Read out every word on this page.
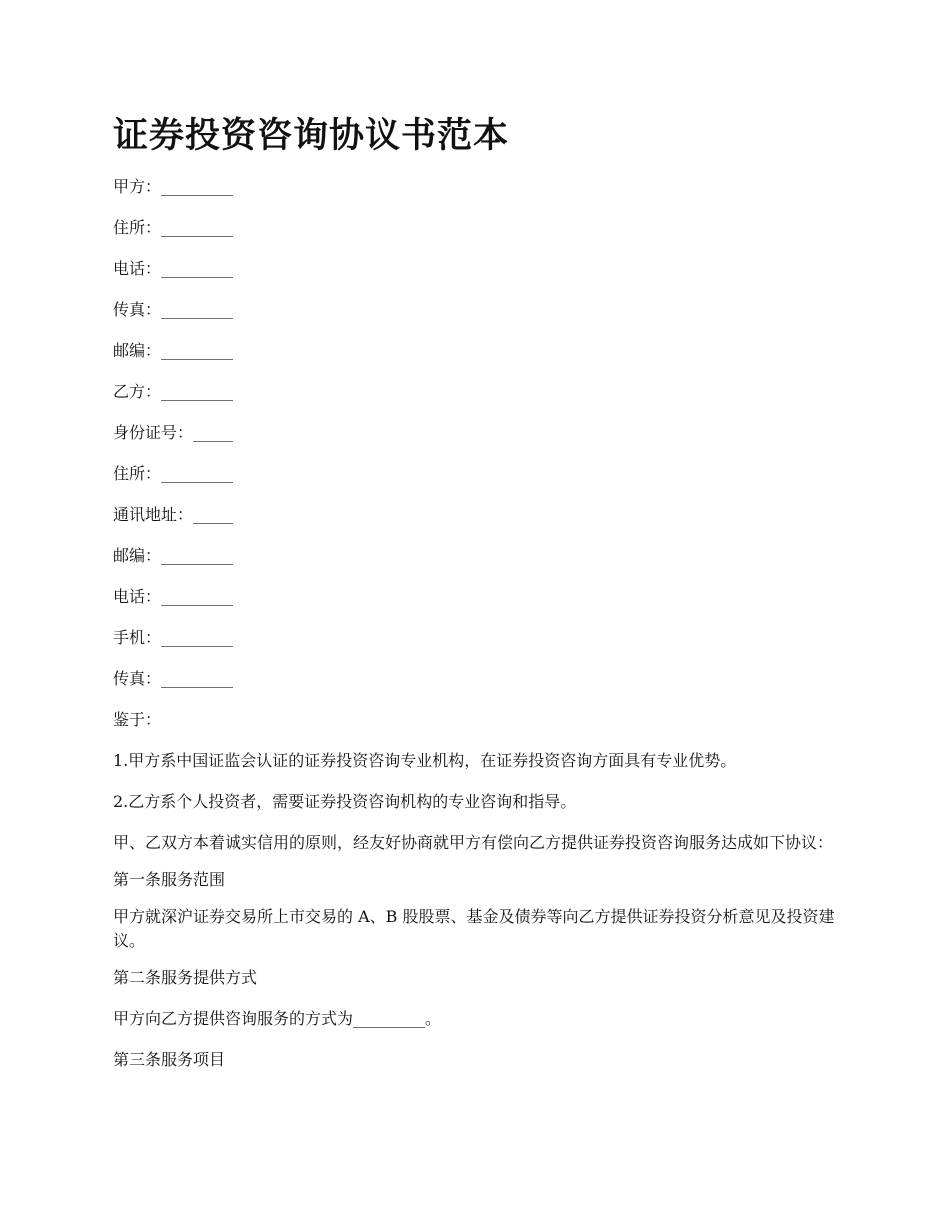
证券投资咨询协议书范本
甲方：_________
住所：_________
电话：_________
传真：_________
邮编：_________
乙方：_________
身份证号：_____
住所：_________
通讯地址：_____
邮编：_________
电话：_________
手机：_________
传真：_________

鉴于：

1.甲方系中国证监会认证的证券投资咨询专业机构，在证券投资咨询方面具有专业优势。

2.乙方系个人投资者，需要证券投资咨询机构的专业咨询和指导。

甲、乙双方本着诚实信用的原则，经友好协商就甲方有偿向乙方提供证券投资咨询服务达成如下协议：

第一条服务范围

甲方就深沪证券交易所上市交易的 A、B 股股票、基金及债券等向乙方提供证券投资分析意见及投资建议。

第二条服务提供方式

甲方向乙方提供咨询服务的方式为_________。

第三条服务项目
